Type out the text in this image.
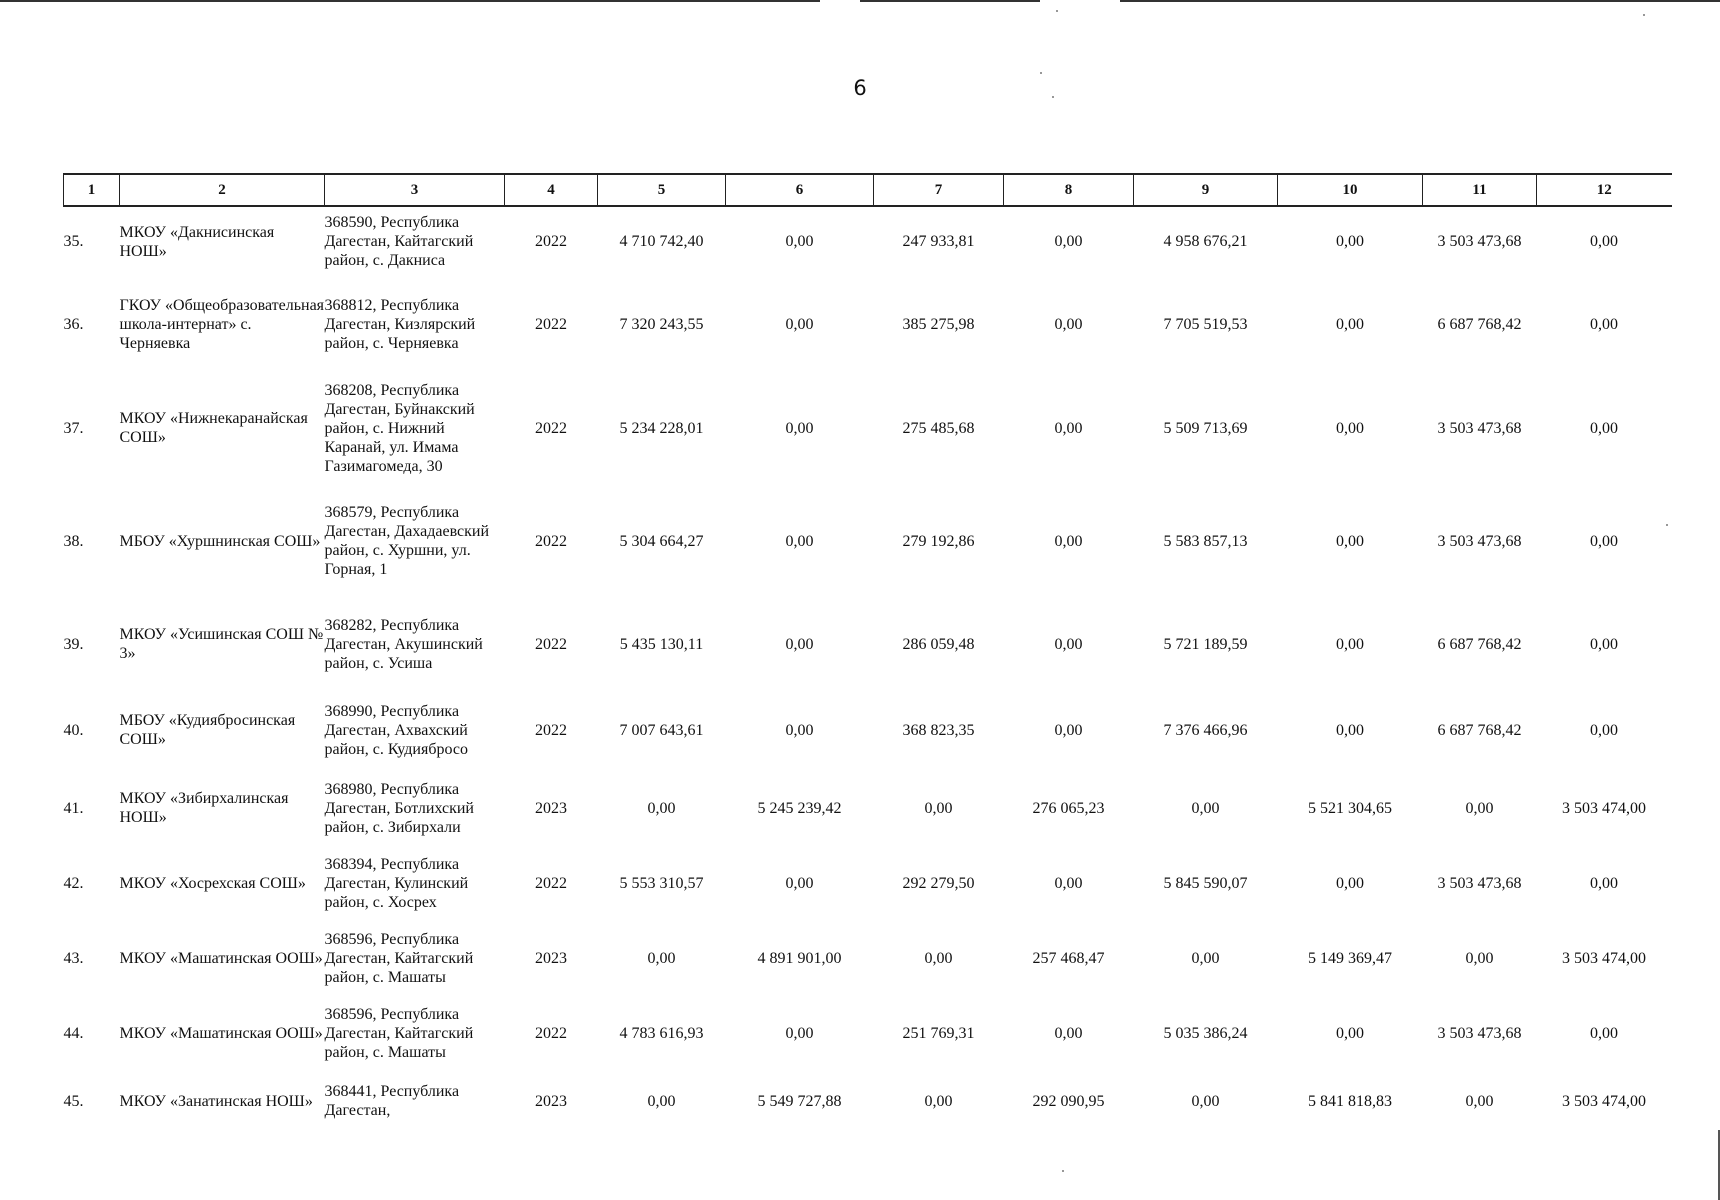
6
1	2	3	4	5	6	7	8	9	10	11	12
35.	МКОУ «Дакнисинская НОШ»	368590, Республика Дагестан, Кайтагский район, с. Дакниса	2022	4 710 742,40	0,00	247 933,81	0,00	4 958 676,21	0,00	3 503 473,68	0,00
36.	ГКОУ «Общеобразовательная школа-интернат» с. Черняевка	368812, Республика Дагестан, Кизлярский район, с. Черняевка	2022	7 320 243,55	0,00	385 275,98	0,00	7 705 519,53	0,00	6 687 768,42	0,00
37.	МКОУ «Нижнекаранайская СОШ»	368208, Республика Дагестан, Буйнакский район, с. Нижний Каранай, ул. Имама Газимагомеда, 30	2022	5 234 228,01	0,00	275 485,68	0,00	5 509 713,69	0,00	3 503 473,68	0,00
38.	МБОУ «Хуршнинская СОШ»	368579, Республика Дагестан, Дахадаевский район, с. Хуршни, ул. Горная, 1	2022	5 304 664,27	0,00	279 192,86	0,00	5 583 857,13	0,00	3 503 473,68	0,00
39.	МКОУ «Усишинская СОШ № 3»	368282, Республика Дагестан, Акушинский район, с. Усиша	2022	5 435 130,11	0,00	286 059,48	0,00	5 721 189,59	0,00	6 687 768,42	0,00
40.	МБОУ «Кудиябросинская СОШ»	368990, Республика Дагестан, Ахвахский район, с. Кудиябросо	2022	7 007 643,61	0,00	368 823,35	0,00	7 376 466,96	0,00	6 687 768,42	0,00
41.	МКОУ «Зибирхалинская НОШ»	368980, Республика Дагестан, Ботлихский район, с. Зибирхали	2023	0,00	5 245 239,42	0,00	276 065,23	0,00	5 521 304,65	0,00	3 503 474,00
42.	МКОУ «Хосрехская СОШ»	368394, Республика Дагестан, Кулинский район, с. Хосрех	2022	5 553 310,57	0,00	292 279,50	0,00	5 845 590,07	0,00	3 503 473,68	0,00
43.	МКОУ «Машатинская ООШ»	368596, Республика Дагестан, Кайтагский район, с. Машаты	2023	0,00	4 891 901,00	0,00	257 468,47	0,00	5 149 369,47	0,00	3 503 474,00
44.	МКОУ «Машатинская ООШ»	368596, Республика Дагестан, Кайтагский район, с. Машаты	2022	4 783 616,93	0,00	251 769,31	0,00	5 035 386,24	0,00	3 503 473,68	0,00
45.	МКОУ «Занатинская НОШ»	368441, Республика Дагестан,	2023	0,00	5 549 727,88	0,00	292 090,95	0,00	5 841 818,83	0,00	3 503 474,00
